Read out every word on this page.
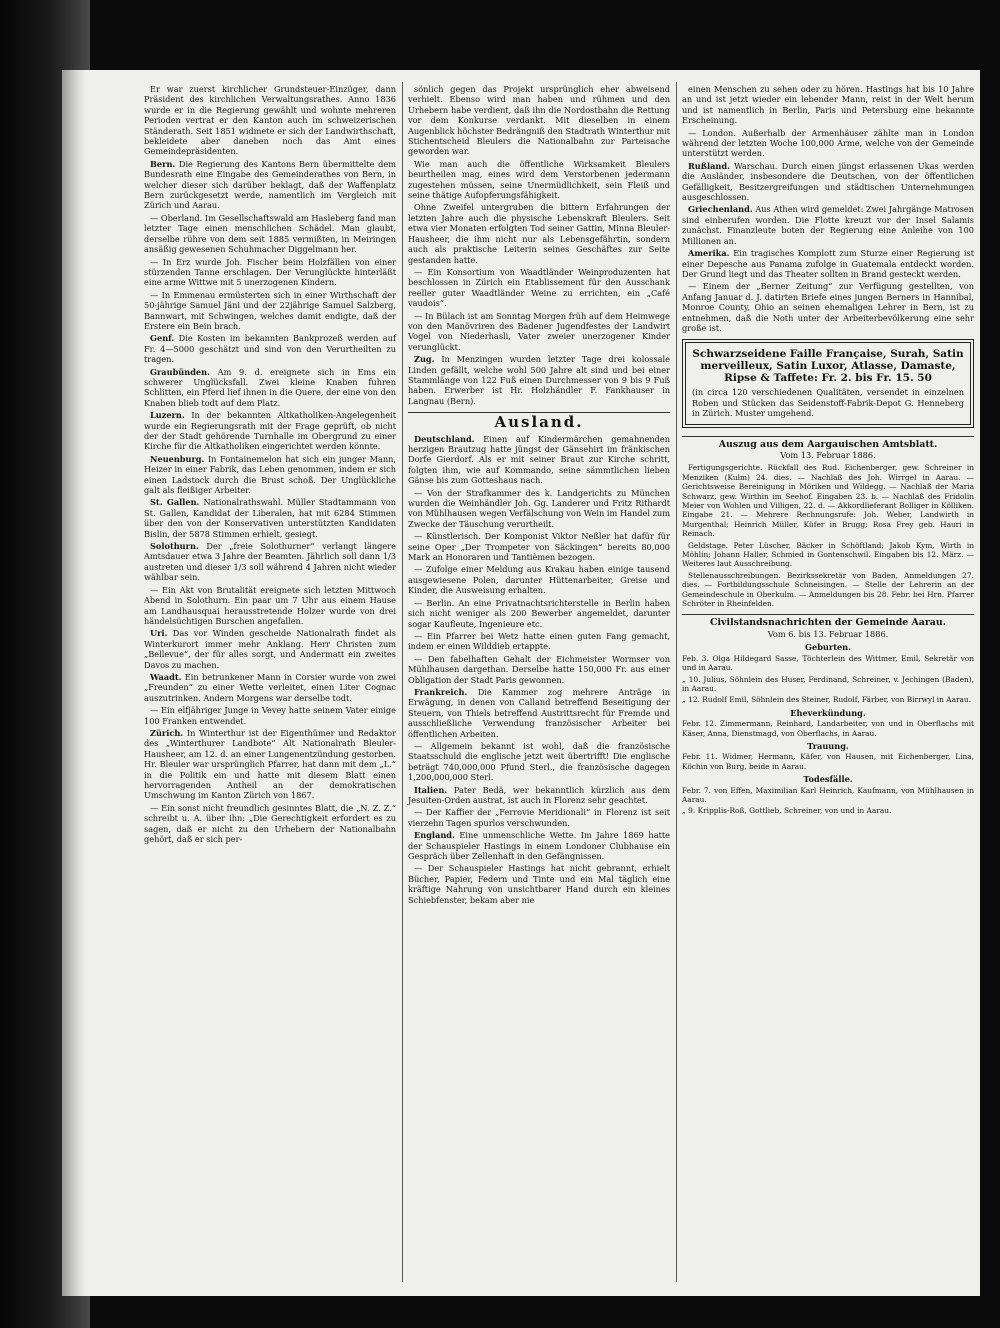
Er war zuerst kirchlicher Grundsteuer-Einzüger, dann Präsident des kirchlichen Verwaltungsrathes. Anno 1836 wurde er in die Regierung gewählt und wohnte mehreren Perioden vertrat er den Kanton auch im schweizerischen Ständerath. Seit 1851 widmete er sich der Landwirthschaft, bekleidete aber daneben noch das Amt eines Gemeindepräsidenten.

Bern. Die Regierung des Kantons Bern übermittelte dem Bundesrath eine Eingabe des Gemeinderathes von Bern, in welcher dieser sich darüber beklagt, daß der Waffenplatz Bern zurückgesetzt werde, namentlich im Vergleich mit Zürich und Aarau.

— Oberland. Im Gesellschaftswald am Hasleberg fand man letzter Tage einen menschlichen Schädel. Man glaubt, derselbe rühre von dem seit 1885 vermißten, in Meiringen ansäßig gewesenen Schuhmacher Diggelmann her.

— In Erz wurde Joh. Fischer beim Holzfällen von einer stürzenden Tanne erschlagen. Der Verunglückte hinterläßt eine arme Wittwe mit 5 unerzogenen Kindern.

— In Emmenau ermüsterten sich in einer Wirthschaft der 50-jährige Samuel Jäni und der 22jährige Samuel Salzberg, Bannwart, mit Schwingen, welches damit endigte, daß der Erstere ein Bein brach.

Genf. Die Kosten im bekannten Bankprozeß werden auf Fr. 4—5000 geschätzt und sind von den Verurtheilten zu tragen.

Graubünden. Am 9. d. ereignete sich in Ems ein schwerer Unglücksfall. Zwei kleine Knaben fuhren Schlitten, ein Pferd lief ihnen in die Quere, der eine von den Knaben blieb todt auf dem Platz.

Luzern. In der bekannten Altkatholiken-Angelegenheit wurde ein Regierungsrath mit der Frage geprüft, ob nicht der der Stadt gehörende Turnhalle im Obergrund zu einer Kirche für die Altkatholiken eingerichtet werden könnte.

Neuenburg. In Fontainemelon hat sich ein junger Mann, Heizer in einer Fabrik, das Leben genommen, indem er sich einen Ladstock durch die Brust schoß. Der Unglückliche galt als fleißiger Arbeiter.

St. Gallen. Nationalrathswahl. Müller Stadtammann von St. Gallen, Kandidat der Liberalen, hat mit 6284 Stimmen über den von der Konservativen unterstützten Kandidaten Bislin, der 5878 Stimmen erhielt, gesiegt.

Solothurn. Der „freie Solothurner“ verlangt längere Amtsdauer etwa 3 Jahre der Beamten. Jährlich soll dann 1/3 austreten und dieser 1/3 soll während 4 Jahren nicht wieder wählbar sein.

— Ein Akt von Brutalität ereignete sich letzten Mittwoch Abend in Solothurn. Ein paar um 7 Uhr aus einem Hause am Landhausquai herausstretende Holzer wurde von drei händelsüchtigen Burschen angefallen.

Uri. Das vor Winden gescheide Nationalrath findet als Winterkurort immer mehr Anklang. Herr Christen zum „Bellevue“, der für alles sorgt, und Andermatt ein zweites Davos zu machen.

Waadt. Ein betrunkener Mann in Corsier wurde von zwei „Freunden“ zu einer Wette verleitet, einen Liter Cognac auszutrinken. Andern Morgens war derselbe todt.

— Ein elfjähriger Junge in Vevey hatte seinem Vater einige 100 Franken entwendet.

Zürich. In Winterthur ist der Eigenthümer und Redaktor des „Winterthurer Landbote“ Alt Nationalrath Bleuler-Hausheer, am 12. d. an einer Lungenentzündung gestorben. Hr. Bleuler war ursprünglich Pfarrer, hat dann mit dem „L.“ in die Politik ein und hatte mit diesem Blatt einen hervorragenden Antheil an der demokratischen Umschwung im Kanton Zürich von 1867.

— Ein sonst nicht freundlich gesinntes Blatt, die „N. Z. Z.“ schreibt u. A. über ihn: „Die Gerechtigkeit erfordert es zu sagen, daß er nicht zu den Urhebern der Nationalbahn gehört, daß er sich per-

sönlich gegen das Projekt ursprünglich eher abweisend verhielt. Ebenso wird man haben und rühmen und den Urhebern habe verdient, daß ihn die Nordostbahn die Rettung vor dem Konkurse verdankt. Mit dieselben in einem Augenblick höchster Bedrängniß den Stadtrath Winterthur mit Stichentscheid Bleulers die Nationalbahn zur Parteisache geworden war.

Wie man auch die öffentliche Wirksamkeit Bleulers beurtheilen mag, eines wird dem Verstorbenen jedermann zugestehen müssen, seine Unermüdlichkeit, sein Fleiß und seine thätige Aufopferungsfähigkeit.

Ohne Zweifel untergruben die bittern Erfahrungen der letzten Jahre auch die physische Lebenskraft Bleulers. Seit etwa vier Monaten erfolgten Tod seiner Gattin, Minna Bleuler-Hausheer, die ihm nicht nur als Lebensgefährtin, sondern auch als praktische Leiterin seines Geschäftes zur Seite gestanden hatte.

— Ein Konsortium von Waadtländer Weinproduzenten hat beschlossen in Zürich ein Etablissement für den Ausschank reeller guter Waadtländer Weine zu errichten, ein „Café vaudois“.

— In Bülach ist am Sonntag Morgen früh auf dem Heimwege von den Manövriren des Badener Jugendfestes der Landwirt Vogel von Niederhasli, Vater zweier unerzogener Kinder verunglückt.

Zug. In Menzingen wurden letzter Tage drei kolossale Linden gefällt, welche wohl 500 Jahre alt sind und bei einer Stammlänge von 122 Fuß einen Durchmesser von 9 bis 9 Fuß haben. Erwerber ist Hr. Holzhändler F. Fankhauser in Langnau (Bern).

Ausland.

Deutschland. Einen auf Kindermärchen gemahnenden herzigen Brautzug hatte jüngst der Gänsehirt im fränkischen Dorfe Gierdorf. Als er mit seiner Braut zur Kirche schritt, folgten ihm, wie auf Kommando, seine sämmtlichen lieben Gänse bis zum Gotteshaus nach.

— Von der Strafkammer des k. Landgerichts zu München wurden die Weinhändler Joh. Gg. Landerer und Fritz Rithardt von Mühlhausen wegen Verfälschung von Wein im Handel zum Zwecke der Täuschung verurtheilt.

— Künstlerisch. Der Komponist Viktor Neßler hat dafür für seine Oper „Der Trompeter von Säckingen“ bereits 80,000 Mark an Honoraren und Tantièmen bezogen.

— Zufolge einer Meldung aus Krakau haben einige tausend ausgewiesene Polen, darunter Hüttenarbeiter, Greise und Kinder, die Ausweisung erhalten.

— Berlin. An eine Privatnachtsrichterstelle in Berlin haben sich nicht weniger als 200 Bewerber angemeldet, darunter sogar Kaufleute, Ingenieure etc.

— Ein Pfarrer bei Wetz hatte einen guten Fang gemacht, indem er einen Wilddieb ertappte.

— Den fabelhaften Gehalt der Eichmeister Wormser von Mühlhausen dargethan. Derselbe hatte 150,000 Fr. aus einer Obligation der Stadt Paris gewonnen.

Frankreich. Die Kammer zog mehrere Anträge in Erwägung, in denen von Calland betreffend Beseitigung der Steuern, von Thiels betreffend Austrittsrecht für Fremde und ausschließliche Verwendung französischer Arbeiter bei öffentlichen Arbeiten.

— Allgemein bekannt ist wohl, daß die französische Staatsschuld die englische jetzt weit übertrifft! Die englische beträgt 740,000,000 Pfund Sterl., die französische dagegen 1,200,000,000 Sterl.

Italien. Pater Bedä, wer bekanntlich kürzlich aus dem Jesuiten-Orden austrat, ist auch in Florenz sehr geachtet.

— Der Kaffier der „Ferrovie Meridionali“ in Florenz ist seit vierzehn Tagen spurlos verschwunden.

England. Eine unmenschliche Wette. Im Jahre 1869 hatte der Schauspieler Hastings in einem Londoner Clubhause ein Gespräch über Zellenhaft in den Gefängnissen.

— Der Schauspieler Hastings hat nicht gebrannt, erhielt Bücher, Papier, Federn und Tinte und ein Mal täglich eine kräftige Nahrung von unsichtbarer Hand durch ein kleines Schiebfenster, bekam aber nie

einen Menschen zu sehen oder zu hören. Hastings hat bis 10 Jahre an und ist jetzt wieder ein lebender Mann, reist in der Welt herum und ist namentlich in Berlin, Paris und Petersburg eine bekannte Erscheinung.

— London. Außerhalb der Armenhäuser zählte man in London während der letzten Woche 100,000 Arme, welche von der Gemeinde unterstützt werden.

Rußland. Warschau. Durch einen jüngst erlassenen Ukas werden die Ausländer, insbesondere die Deutschen, von der öffentlichen Gefälligkeit, Besitzergreifungen und städtischen Unternehmungen ausgeschlossen.

Griechenland. Aus Athen wird gemeldet: Zwei Jahrgänge Matrosen sind einberufen worden. Die Flotte kreuzt vor der Insel Salamis zunächst. Finanzleute boten der Regierung eine Anleihe von 100 Millionen an.

Amerika. Ein tragisches Komplott zum Sturze einer Regierung ist einer Depesche aus Panama zufolge in Guatemala entdeckt worden. Der Grund liegt und das Theater sollten in Brand gesteckt werden.

— Einem der „Berner Zeitung“ zur Verfügung gestellten, von Anfang Januar d. J. datirten Briefe eines jungen Berners in Hannibal, Monroe County, Ohio an seinen ehemaligen Lehrer in Bern, ist zu entnehmen, daß die Noth unter der Arbeiterbevölkerung eine sehr große ist.

Schwarzseidene Faille Française, Surah, Satin merveilleux, Satin Luxor, Atlasse, Damaste, Ripse & Taffete: Fr. 2. bis Fr. 15. 50
(in circa 120 verschiedenen Qualitäten, versendet in einzelnen Roben und Stücken das Seidenstoff-Fabrik-Depot G. Henneberg in Zürich. Muster umgehend.
Auszug aus dem Aargauischen Amtsblatt.
Vom 13. Februar 1886.

Fertigungsgerichte. Rückfall des Rud. Eichenberger, gew. Schreiner in Menziken (Kulm) 24. dies. — Nachlaß des Joh. Wirrgel in Aarau. — Gerichtsweise Bereinigung in Möriken und Wildegg. — Nachlaß der Maria Schwarz, gew. Wirthin im Seehof. Eingaben 23. b. — Nachlaß des Fridolin Meier von Wohlen und Villigen, 22. d. — Akkordlieferant Bolliger in Kölliken. Eingabe 21. — Mehrere Rechnungsrufe: Joh. Weber, Landwirth in Murgenthal; Heinrich Müller, Küfer in Brugg; Rosa Frey geb. Hauri in Reinach.

Geldstage. Peter Lüscher, Bäcker in Schöftland; Jakob Kym, Wirth in Möhlin; Johann Haller, Schmied in Gontenschwil. Eingaben bis 12. März. — Weiteres laut Ausschreibung.

Stellenausschreibungen. Bezirkssekretär von Baden, Anmeldungen 27. dies. — Fortbildungsschule Schneisingen. — Stelle der Lehrerin an der Gemeindeschule in Oberkulm. — Anmeldungen bis 28. Febr. bei Hrn. Pfarrer Schröter in Rheinfelden.

Civilstandsnachrichten der Gemeinde Aarau.
Vom 6. bis 13. Februar 1886.
Geburten.
Feb. 3. Olga Hildegard Sasse, Töchterlein des Wittmer, Emil, Sekretär von und in Aarau.
„ 10. Julius, Söhnlein des Huser, Ferdinand, Schreiner, v. Jechingen (Baden), in Aarau.
„ 12. Rudolf Emil, Söhnlein des Steiner, Rudolf, Färber, von Birrwyl in Aarau.
Eheverkündung.
Febr. 12. Zimmermann, Reinhard, Landarbeiter, von und in Oberflachs mit Käser, Anna, Dienstmagd, von Oberflachs, in Aarau.
Trauung.
Febr. 11. Widmer, Hermann, Käfer, von Hausen, mit Eichenberger, Lina, Köchin von Burg, beide in Aarau.
Todesfälle.
Febr. 7. von Effen, Maximilian Karl Heinrich, Kaufmann, von Mühlhausen in Aarau.
„ 9. Kripplis-Roß, Gottlieb, Schreiner, von und in Aarau.
